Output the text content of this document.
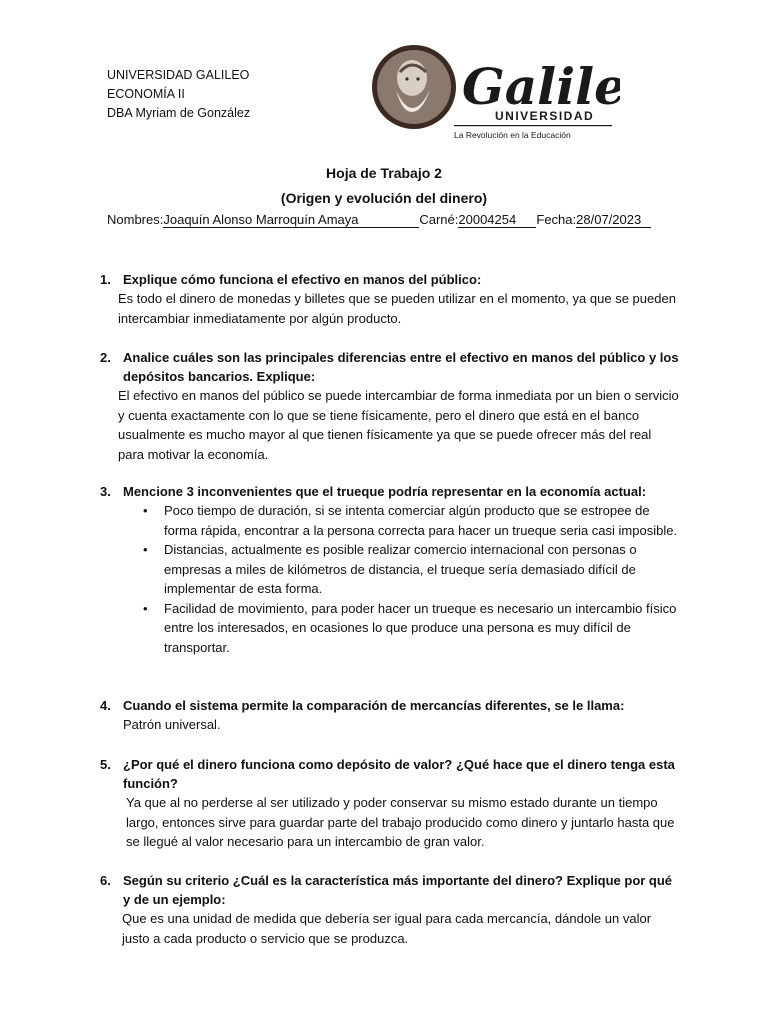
UNIVERSIDAD GALILEO
ECONOMÍA II
DBA Myriam de González	Galil
UNIVERSIDAD
La Revolución en la Educación
Hoja de Trabajo 2
(Origen y evolución del dinero)
Nombres:Joaquín Alonso Marroquín Amaya	Carné:20004254 Fecha:28/07/2023
1. Explique cómo funciona el efectivo en manos del público:
Es todo el dinero de monedas y billetes que se pueden utilizar en el momento, ya que se pueden intercambiar inmediatamente por algún producto.
2. Analice cuáles son las principales diferencias entre el efectivo en manos del público y los depósitos bancarios. Explique:
El efectivo en manos del público se puede intercambiar de forma inmediata por un bien o servicio y cuenta exactamente con lo que se tiene físicamente, pero el dinero que está en el banco usualmente es mucho mayor al que tienen físicamente ya que se puede ofrecer más del real para motivar la economía.
3. Mencione 3 inconvenientes que el trueque podría representar en la economía actual:
• Poco tiempo de duración, si se intenta comerciar algún producto que se estropee de forma rápida, encontrar a la persona correcta para hacer un trueque seria casi imposible.
• Distancias, actualmente es posible realizar comercio internacional con personas o empresas a miles de kilómetros de distancia, el trueque sería demasiado difícil de implementar de esta forma.
• Facilidad de movimiento, para poder hacer un trueque es necesario un intercambio físico entre los interesados, en ocasiones lo que produce una persona es muy difícil de transportar.
4. Cuando el sistema permite la comparación de mercancías diferentes, se le llama:
Patrón universal.
5. ¿Por qué el dinero funciona como depósito de valor? ¿Qué hace que el dinero tenga esta función?
Ya que al no perderse al ser utilizado y poder conservar su mismo estado durante un tiempo largo, entonces sirve para guardar parte del trabajo producido como dinero y juntarlo hasta que se llegué al valor necesario para un intercambio de gran valor.
6. Según su criterio ¿Cuál es la característica más importante del dinero? Explique por qué y de un ejemplo:
Que es una unidad de medida que debería ser igual para cada mercancía, dándole un valor justo a cada producto o servicio que se produzca.
